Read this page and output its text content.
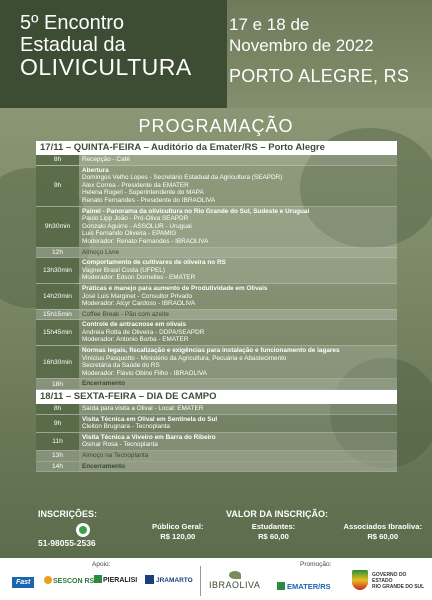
5º Encontro
Estadual da
OLIVICULTURA
17 e 18 de
Novembro de 2022
PORTO ALEGRE, RS
PROGRAMAÇÃO
17/11 – QUINTA-FEIRA – Auditório da Emater/RS – Porto Alegre
8h	Recepção - Café
9h
Abertura
Domingos Velho Lopes - Secretário Estadual da Agricultura (SEAPDR)
Alex Correa - Presidente da EMATER
Helena Rugeri - Superintendente do MAPA
Renato Fernandes - Presidente do IBRAOLIVA
9h30min
Painel - Panorama da olivicultura no Rio Grande do Sul, Sudeste e Uruguai
Paulo Lipp João - Pró-Oliva SEAPDR
Gonzalo Aguirre - ASSOLUR - Uruguai
Luis Fernando Oliveira - EPAMIG
Moderador: Renato Fernandes - IBRAOLIVA
12h	Almoço Livre
13h30min
Comportamento de cultivares de oliveira no RS
Vagner Brasil Costa (UFPEL)
Moderador: Edson Dornelles - EMATER
14h20min
Práticas e manejo para aumento de Produtividade em Olivais
José Luis Marginet - Consultor Privado
Moderador: Alcyr Cardoso - IBRAOLIVA
15h15min	Coffee Break - Pão com azeite
15h45min
Controle de antracnose em olivais
Andreia Rotta de Oliveira - DDPA/SEAPDR
Moderador: Antonio Borba - EMATER
16h30min
Normas legais, fiscalização e exigências para instalação e funcionamento de lagares
Vinícius Pasquotto - Ministério da Agricultura, Pecuária e Abastecimento
Secretária da Saúde do RS
Moderador: Flávio Obino Filho - IBRAOLIVA
18h	Encerramento
18/11 – SEXTA-FEIRA – DIA DE CAMPO
8h	Saída para visita a Olival - Local: EMATER
9h
Visita Técnica em Olival em Sentinela do Sul
Cleiton Brugnara - Tecnoplanta
11h
Visita Técnica a Viveiro em Barra do Ribeiro
Osmar Rosa - Tecnoplanta
13h	Almoço na Tecnoplanta
14h	Encerramento
INSCRIÇÕES:
51-98055-2536
VALOR DA INSCRIÇÃO:
Público Geral:
R$ 120,00
Estudantes:
R$ 60,00
Associados Ibraoliva:
R$ 60,00
Apoio:	Promoção:
Fast	SESCON RS	PIERALISI	JRAMARTO IBRAOLIVA	EMATER/RS
GOVERNO DO ESTADO
RIO GRANDE DO SUL
